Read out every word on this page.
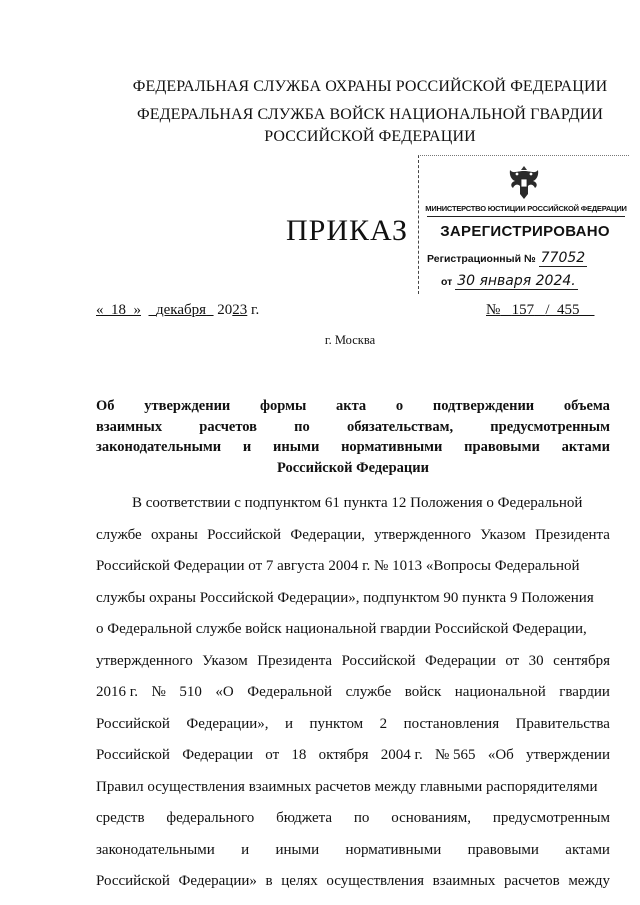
ФЕДЕРАЛЬНАЯ СЛУЖБА ОХРАНЫ РОССИЙСКОЙ ФЕДЕРАЦИИ
ФЕДЕРАЛЬНАЯ СЛУЖБА ВОЙСК НАЦИОНАЛЬНОЙ ГВАРДИИ
РОССИЙСКОЙ ФЕДЕРАЦИИ
МИНИСТЕРСТВО ЮСТИЦИИ РОССИЙСКОЙ ФЕДЕРАЦИИ
ЗАРЕГИСТРИРОВАНО
Регистрационный № 77052
от 30 января 2024.
ПРИКАЗ
« 18 » декабря 2023 г.	№ 157 / 455
г. Москва
Об утверждении формы акта о подтверждении объема
взаимных	расчетов	по	обязательствам,	предусмотренным
законодательными и иными нормативными правовыми актами
Российской Федерации
В соответствии с подпунктом 61 пункта 12 Положения о Федеральной
службе охраны Российской Федерации, утвержденного Указом Президента
Российской Федерации от 7 августа 2004 г. № 1013 «Вопросы Федеральной
службы охраны Российской Федерации», подпунктом 90 пункта 9 Положения
о Федеральной службе войск национальной гвардии Российской Федерации,
утвержденного Указом Президента Российской Федерации от 30 сентября
2016 г. № 510 «О Федеральной службе войск национальной гвардии
Российской Федерации», и пунктом 2 постановления Правительства
Российской Федерации от 18 октября 2004 г. № 565 «Об утверждении
Правил осуществления взаимных расчетов между главными распорядителями
средств федерального бюджета по основаниям, предусмотренным
законодательными и иными нормативными правовыми актами
Российской Федерации» в целях осуществления взаимных расчетов между
